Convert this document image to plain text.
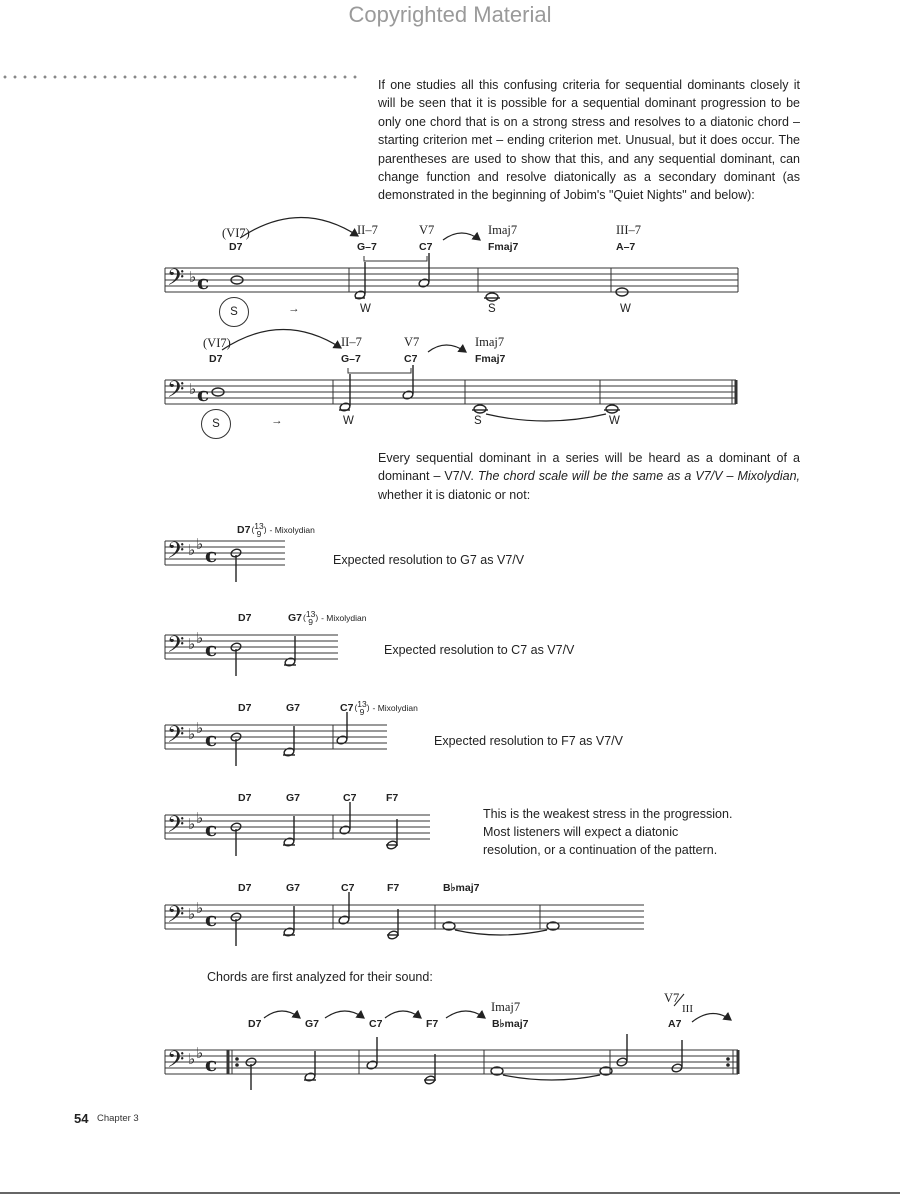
Copyrighted Material

If one studies all this confusing criteria for sequential dominants closely it will be seen that it is possible for a sequential dominant progression to be only one chord that is on a strong stress and resolves to a diatonic chord – starting criterion met – ending criterion met. Unusual, but it does occur. The parentheses are used to show that this, and any sequential dominant, can change function and resolve diatonically as a secondary dominant (as demonstrated in the beginning of Jobim's "Quiet Nights" and below):

(VI7)	II–7	V7	Imaj7	III–7
D7	G–7	C7	Fmaj7	A–7
S	→	W	S	W
(VI7)	II–7	V7	Imaj7
D7	G–7	C7	Fmaj7
S	→	W	S	W

Every sequential dominant in a series will be heard as a dominant of a dominant – V7/V. The chord scale will be the same as a V7/V – Mixolydian, whether it is diatonic or not:

D7(13
9 ) - Mixolydian
Expected resolution to G7 as V7/V
D7	G7(13
9 ) - Mixolydian
Expected resolution to C7 as V7/V
D7	G7	C7(13
9 ) - Mixolydian
Expected resolution to F7 as V7/V
D7	G7	C7	F7
This is the weakest stress in the progression.
Most listeners will expect a diatonic
resolution, or a continuation of the pattern.
D7	G7	C7	F7	B♭maj7
Chords are first analyzed for their sound:
Imaj7
V7
III
D7	G7	C7	F7	B♭maj7	A7
𝄢 ♭ c
𝄢 ♭ c
𝄢 ♭ ♭ c
𝄢 ♭ ♭ c
𝄢 ♭ ♭ c
𝄢 ♭ ♭ c
𝄢 ♭ ♭ c
𝄢 ♭ ♭ c
54 Chapter 3
